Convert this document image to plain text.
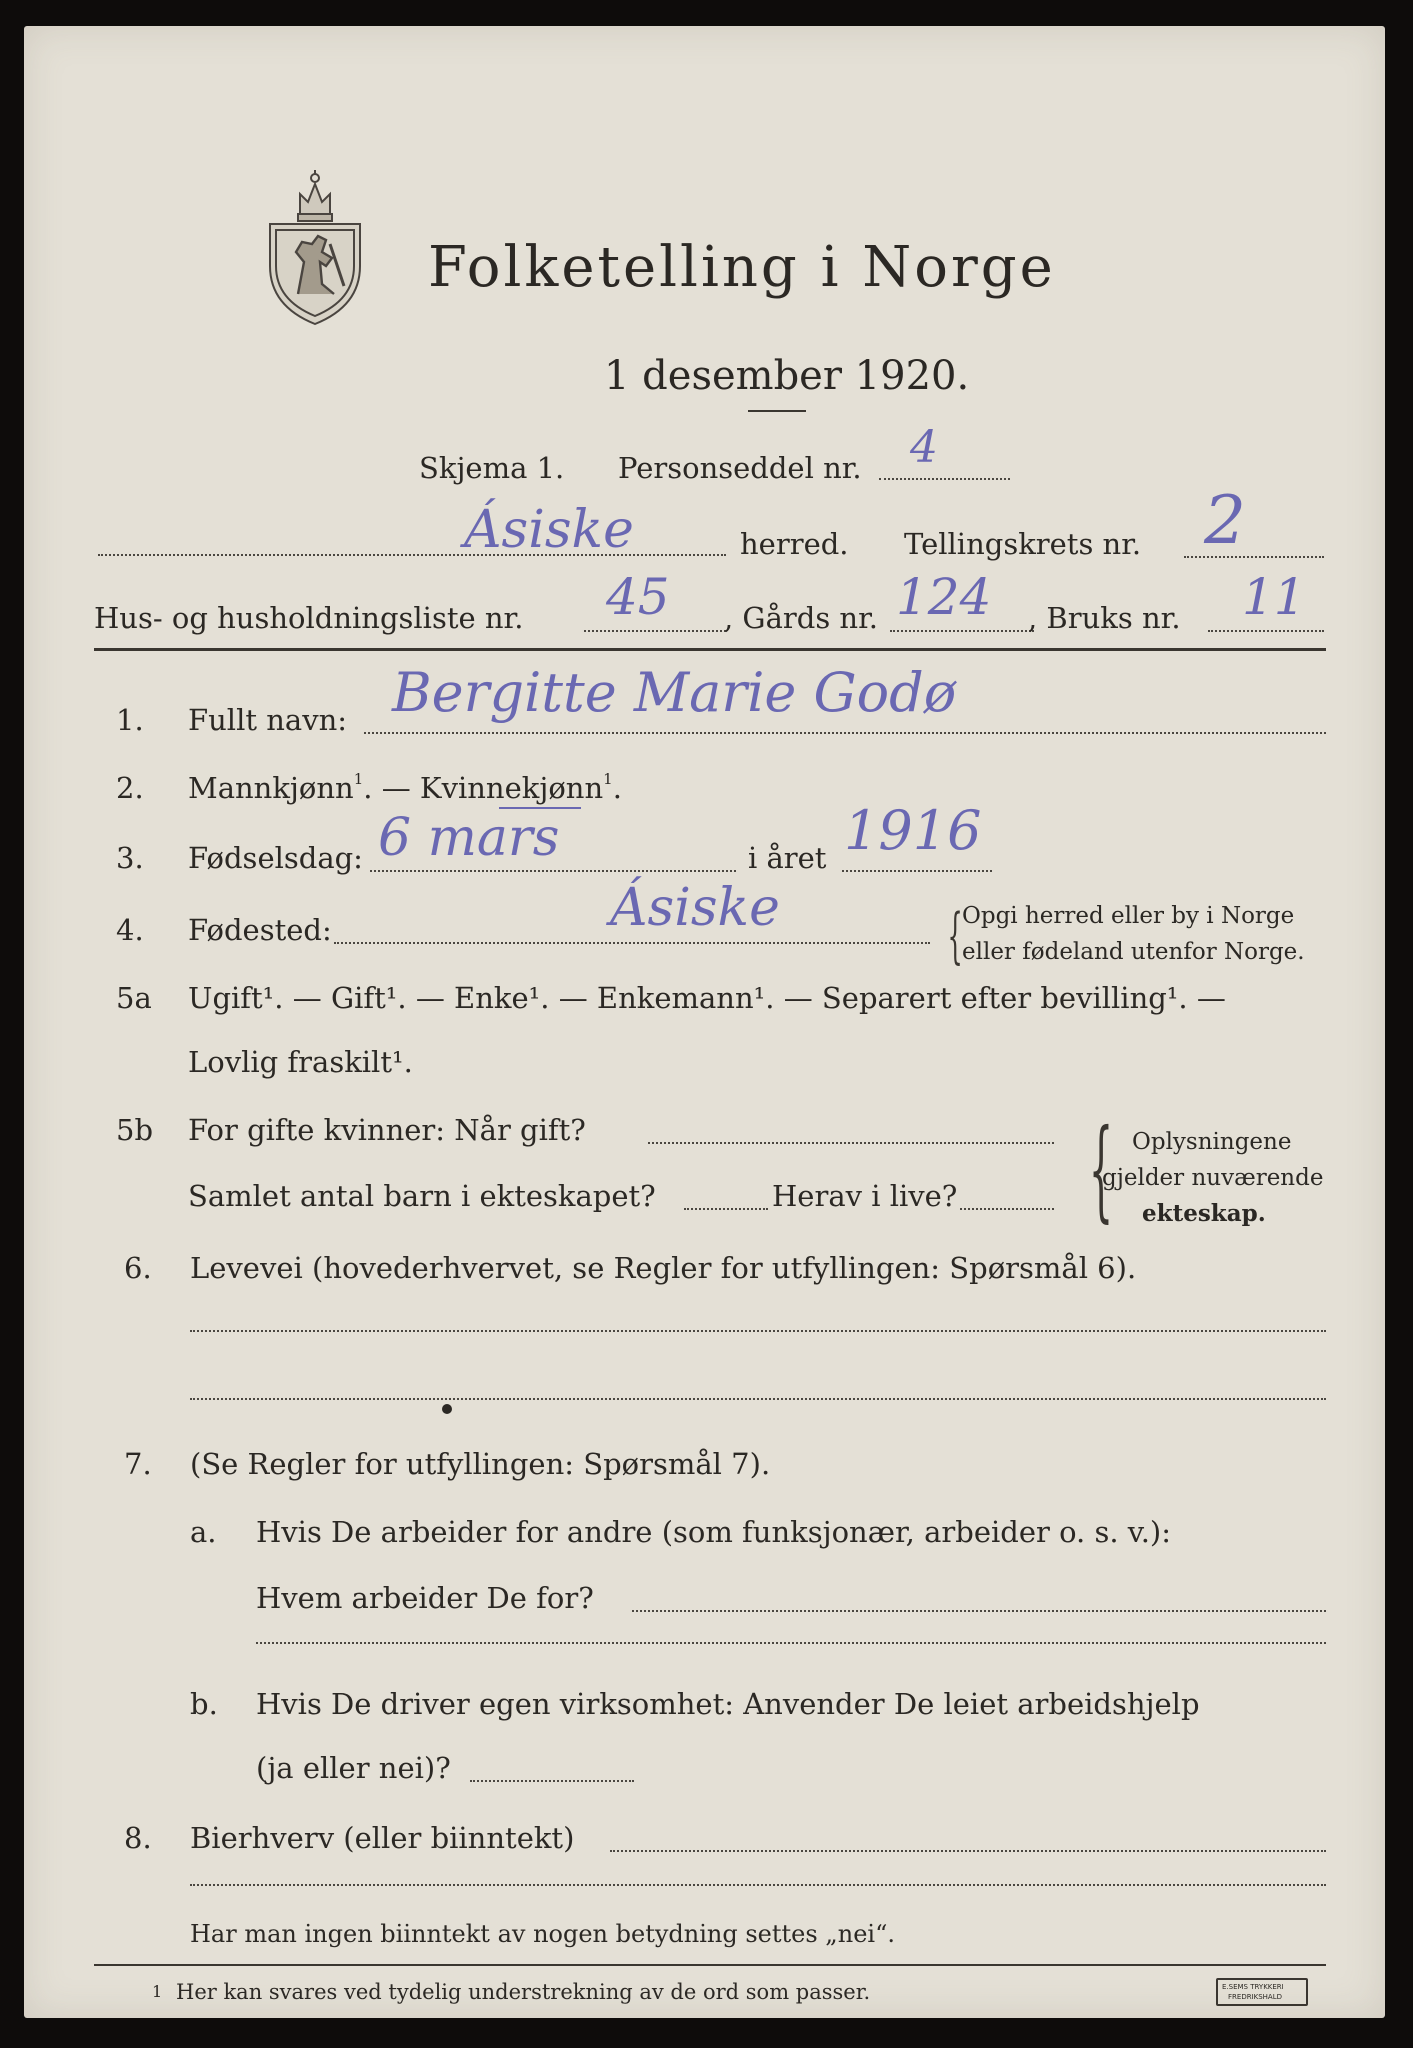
Folketelling i Norge
1 desember 1920.
Skjema 1. Personseddel nr. 4
Ásiske	herred. Tellingskrets nr. 2
Hus- og husholdningsliste nr. 45 , Gårds nr. 124 , Bruks nr. 11
1. Fullt navn: Bergitte Marie Godø
2. Mannkjønn$^1$. — Kvinnekjønn$^1$.
3. Fødselsdag: 6 mars	i året 1916
4. Fødested:	Ásiske	{ Opgi herred eller by i Norge
eller fødeland utenfor Norge.
5a Ugift¹. — Gift¹. — Enke¹. — Enkemann¹. — Separert efter bevilling¹. —
Lovlig fraskilt¹.
5b For gifte kvinner: Når gift?
Samlet antal barn i ekteskapet?	Herav i live? { Oplysningene
gjelder nuværende
ekteskap.
6. Levevei (hovederhvervet, se Regler for utfyllingen: Spørsmål 6).
7. (Se Regler for utfyllingen: Spørsmål 7).
a. Hvis De arbeider for andre (som funksjonær, arbeider o. s. v.):
Hvem arbeider De for?
b. Hvis De driver egen virksomhet: Anvender De leiet arbeidshjelp
(ja eller nei)?
8. Bierhverv (eller biinntekt)
Har man ingen biinntekt av nogen betydning settes „nei“.
1 Her kan svares ved tydelig understrekning av de ord som passer.	E.SEMS TRYKKERI
FREDRIKSHALD
